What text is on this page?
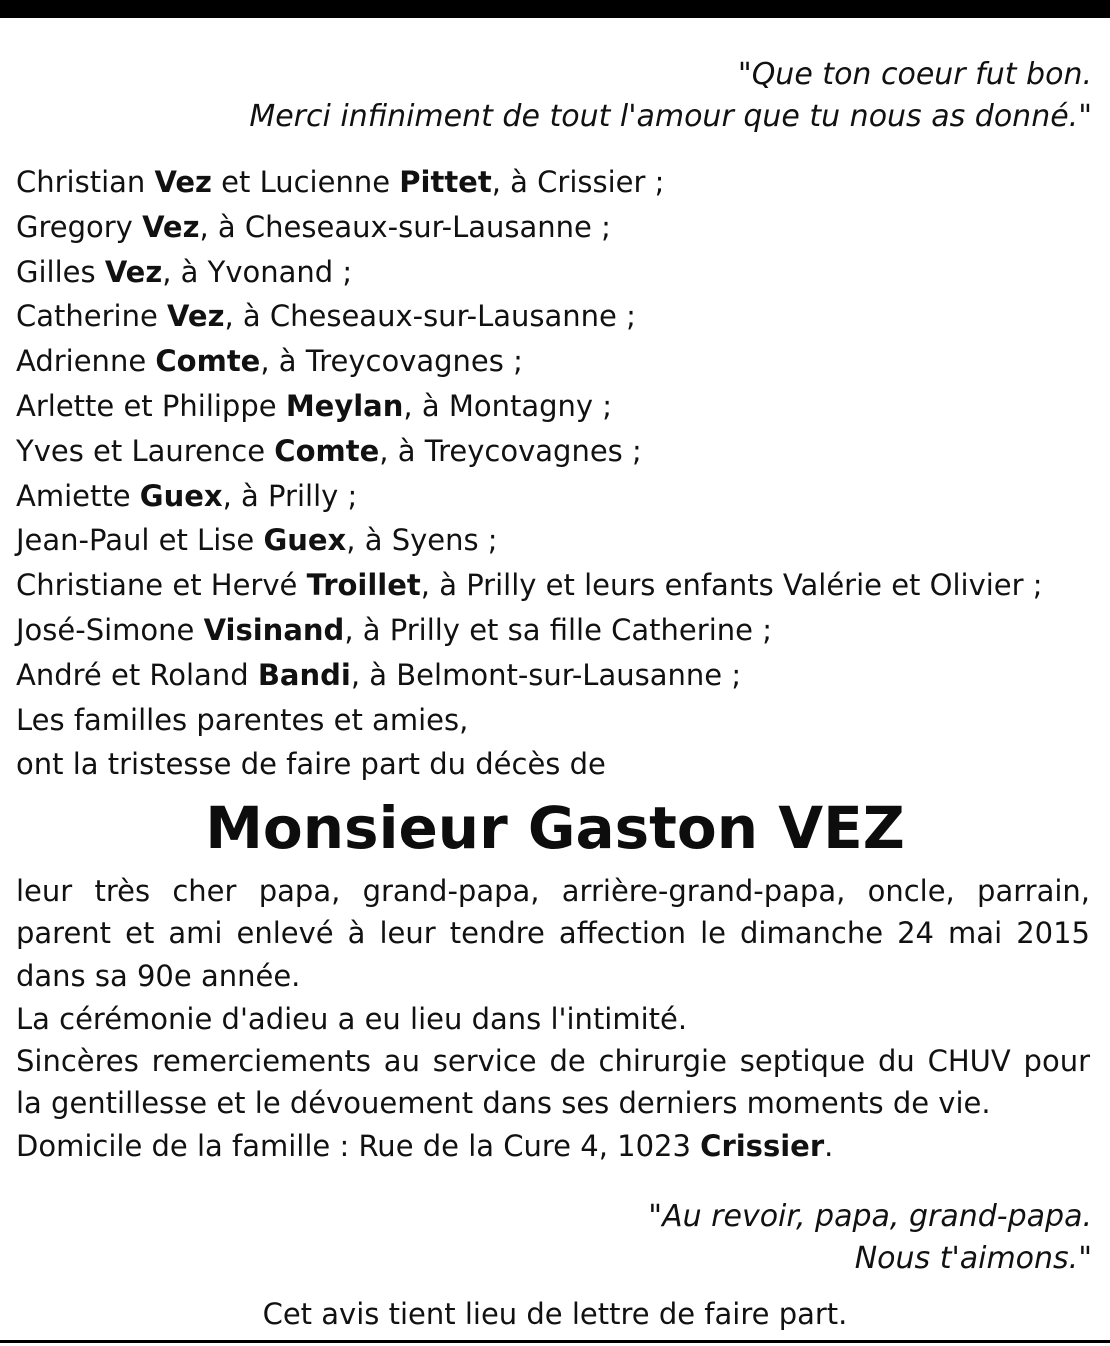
"Que ton coeur fut bon.
Merci infiniment de tout l'amour que tu nous as donné."
Christian Vez et Lucienne Pittet, à Crissier ;
Gregory Vez, à Cheseaux-sur-Lausanne ;
Gilles Vez, à Yvonand ;
Catherine Vez, à Cheseaux-sur-Lausanne ;
Adrienne Comte, à Treycovagnes ;
Arlette et Philippe Meylan, à Montagny ;
Yves et Laurence Comte, à Treycovagnes ;
Amiette Guex, à Prilly ;
Jean-Paul et Lise Guex, à Syens ;
Christiane et Hervé Troillet, à Prilly et leurs enfants Valérie et Olivier ;
José-Simone Visinand, à Prilly et sa fille Catherine ;
André et Roland Bandi, à Belmont-sur-Lausanne ;
Les familles parentes et amies,
ont la tristesse de faire part du décès de
Monsieur Gaston VEZ
leur très cher papa, grand-papa, arrière-grand-papa, oncle, parrain, parent et ami enlevé à leur tendre affection le dimanche 24 mai 2015 dans sa 90e année.
La cérémonie d'adieu a eu lieu dans l'intimité.
Sincères remerciements au service de chirurgie septique du CHUV pour la gentillesse et le dévouement dans ses derniers moments de vie.
Domicile de la famille : Rue de la Cure 4, 1023 Crissier.
"Au revoir, papa, grand-papa.
Nous t'aimons."
Cet avis tient lieu de lettre de faire part.
